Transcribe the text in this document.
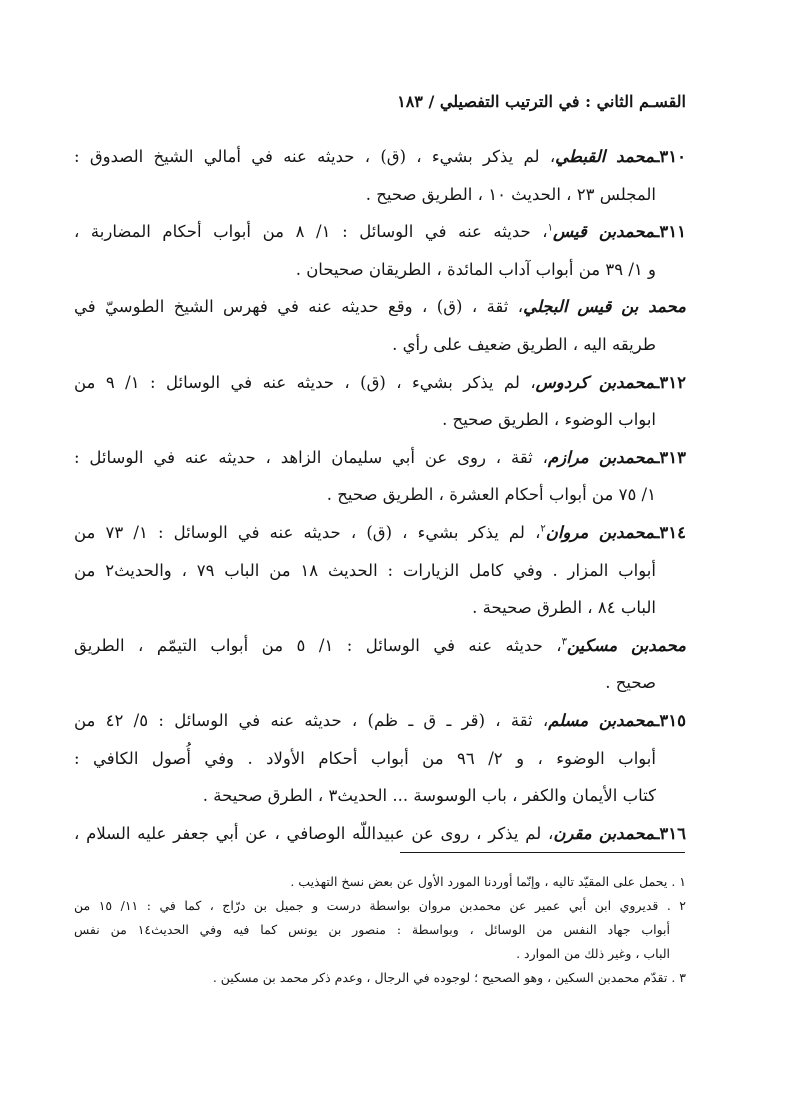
القسـم الثاني : في الترتيب التفصيلي / ١٨٣
٣١٠ـمحمد القبطي، لم يذكر بشيء ، (ق) ، حديثه عنه في أمالي الشيخ الصدوق :
المجلس ٢٣ ، الحديث ١٠ ، الطريق صحيح .
٣١١ـمحمدبن قيس$^١$، حديثه عنه في الوسائل : ١/ ٨ من أبواب أحكام المضاربة ،
و ١/ ٣٩ من أبواب آداب المائدة ، الطريقان صحيحان .
محمد بن قيس البجلي، ثقة ، (ق) ، وقع حديثه عنه في فهرس الشيخ الطوسيّ في
طريقه اليه ، الطريق ضعيف على رأي .
٣١٢ـمحمدبن كردوس، لم يذكر بشيء ، (ق) ، حديثه عنه في الوسائل : ١/ ٩ من
ابواب الوضوء ، الطريق صحيح .
٣١٣ـمحمدبن مرازم، ثقة ، روى عن أبي سليمان الزاهد ، حديثه عنه في الوسائل :
١/ ٧٥ من أبواب أحكام العشرة ، الطريق صحيح .
٣١٤ـمحمدبن مروان$^٢$، لم يذكر بشيء ، (ق) ، حديثه عنه في الوسائل : ١/ ٧٣ من
أبواب المزار . وفي كامل الزيارات : الحديث ١٨ من الباب ٧٩ ، والحديث٢ من
الباب ٨٤ ، الطرق صحيحة .
محمدبن مسكين$^٣$، حديثه عنه في الوسائل : ١/ ٥ من أبواب التيمّم ، الطريق
صحيح .
٣١٥ـمحمدبن مسلم، ثقة ، (قر ـ ق ـ ظم) ، حديثه عنه في الوسائل : ٥/ ٤٢ من
أبواب الوضوء ، و ٢/ ٩٦ من أبواب أحكام الأولاد . وفي أُصول الكافي :
كتاب الأيمان والكفر ، باب الوسوسة ... الحديث٣ ، الطرق صحيحة .
٣١٦ـمحمدبن مقرن، لم يذكر ، روى عن عبيداللّه الوصافي ، عن أبي جعفر عليه السلام ،
١ . يحمل على المقيّد تاليه ، وإنّما أوردنا المورد الأول عن بعض نسخ التهذيب .
٢ . قديروي ابن أبي عمير عن محمدبن مروان بواسطة درست و جميل بن درّاج ، كما في : ١١/ ١٥ من
أبواب جهاد النفس من الوسائل ، وبواسطة : منصور بن يونس كما فيه وفي الحديث١٤ من نفس
الباب ، وغير ذلك من الموارد .
٣ . تقدّم محمدبن السكين ، وهو الصحيح ؛ لوجوده في الرجال ، وعدم ذكر محمد بن مسكين .
